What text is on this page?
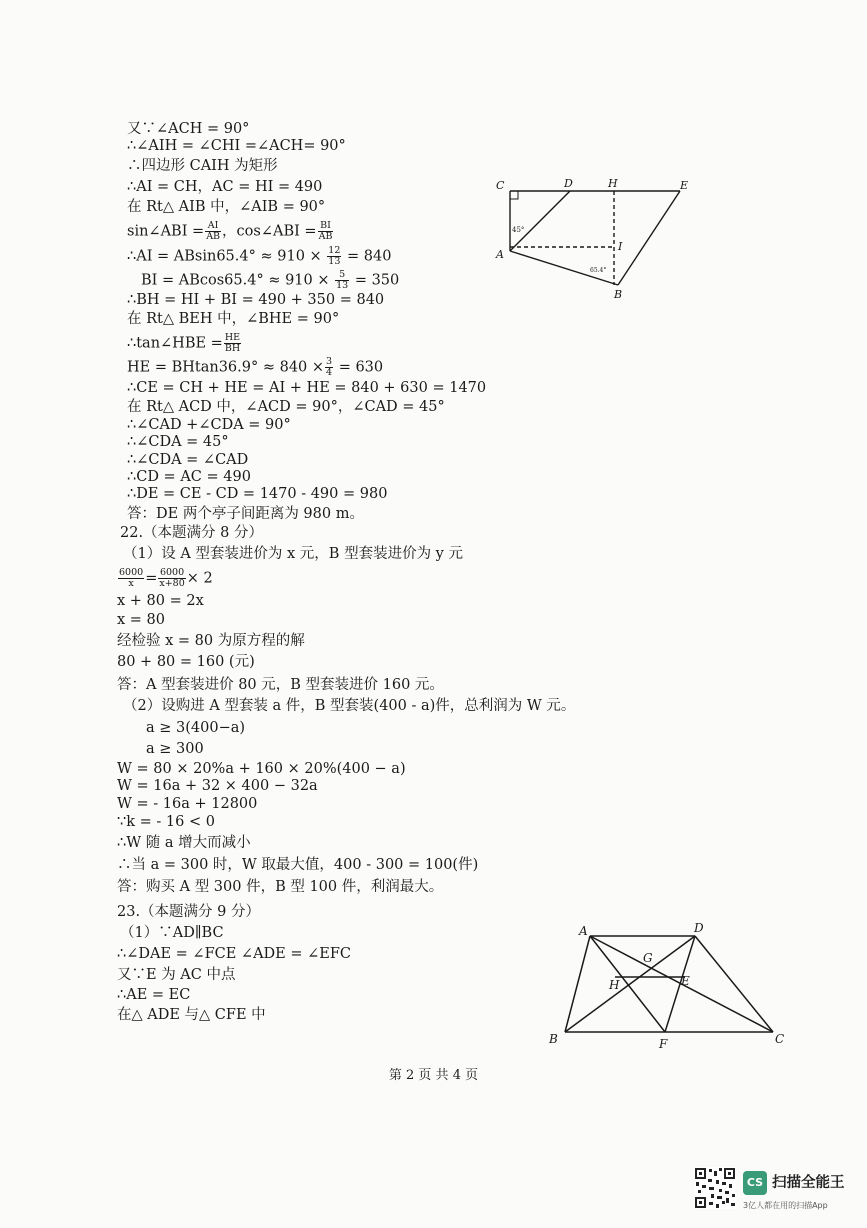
又∵∠ACH = 90°
∴∠AIH = ∠CHI =∠ACH= 90°
∴四边形 CAIH 为矩形
∴AI = CH，AC = HI = 490
在 Rt△ AIB 中，∠AIB = 90°
sin∠ABI = $\frac{AI}{AB}$ ，cos∠ABI = $\frac{BI}{AB}$
∴AI = $ABsin65.4^\circ \approx 910 \times \frac{12}{13} = 840$
BI = $ABcos65.4^\circ \approx 910 \times \frac{5}{13} = 350$
∴BH = HI + BI = 490 + 350 = 840
在 Rt△ BEH 中，∠BHE = 90°
∴tan∠HBE = $\frac{HE}{BH}$
HE = $BHtan36.9^\circ \approx 840 \times \frac{3}{4} = 630$
∴CE = CH + HE = AI + HE = 840 + 630 = 1470
在 Rt△ ACD 中，∠ACD = 90°，∠CAD = 45°
∴∠CAD +∠CDA = 90°
∴∠CDA = 45°
∴∠CDA = ∠CAD
∴CD = AC = 490
∴DE = CE - CD = 1470 - 490 = 980
答：DE 两个亭子间距离为 980 m。
C	D	H	E
A
I
B
45°
65.4°
22.（本题满分 8 分）
（1）设 A 型套装进价为 x 元，B 型套装进价为 y 元
$\frac{6000}{x} = \frac{6000}{x+80} \times 2$
x + 80 = 2x
x = 80
经检验 x = 80 为原方程的解
80 + 80 = 160 (元)
答：A 型套装进价 80 元，B 型套装进价 160 元。
（2）设购进 A 型套装 a 件，B 型套装(400 - a)件，总利润为 W 元。
a ≥ 3(400−a)
a ≥ 300
W = 80 × 20%a + 160 × 20%(400 − a)
W = 16a + 32 × 400 − 32a
W = - 16a + 12800
∵k = - 16 < 0
∴W 随 a 增大而减小
∴当 a = 300 时，W 取最大值，400 - 300 = 100(件)
答：购买 A 型 300 件，B 型 100 件，利润最大。
23.（本题满分 9 分）
（1）∵AD∥BC
∴∠DAE = ∠FCE ∠ADE = ∠EFC
又∵E 为 AC 中点
∴AE = EC
在△ ADE 与△ CFE 中
A	D
G
H	E
B	F	C
第 2 页 共 4 页
CS 扫描全能王
3亿人都在用的扫描App
